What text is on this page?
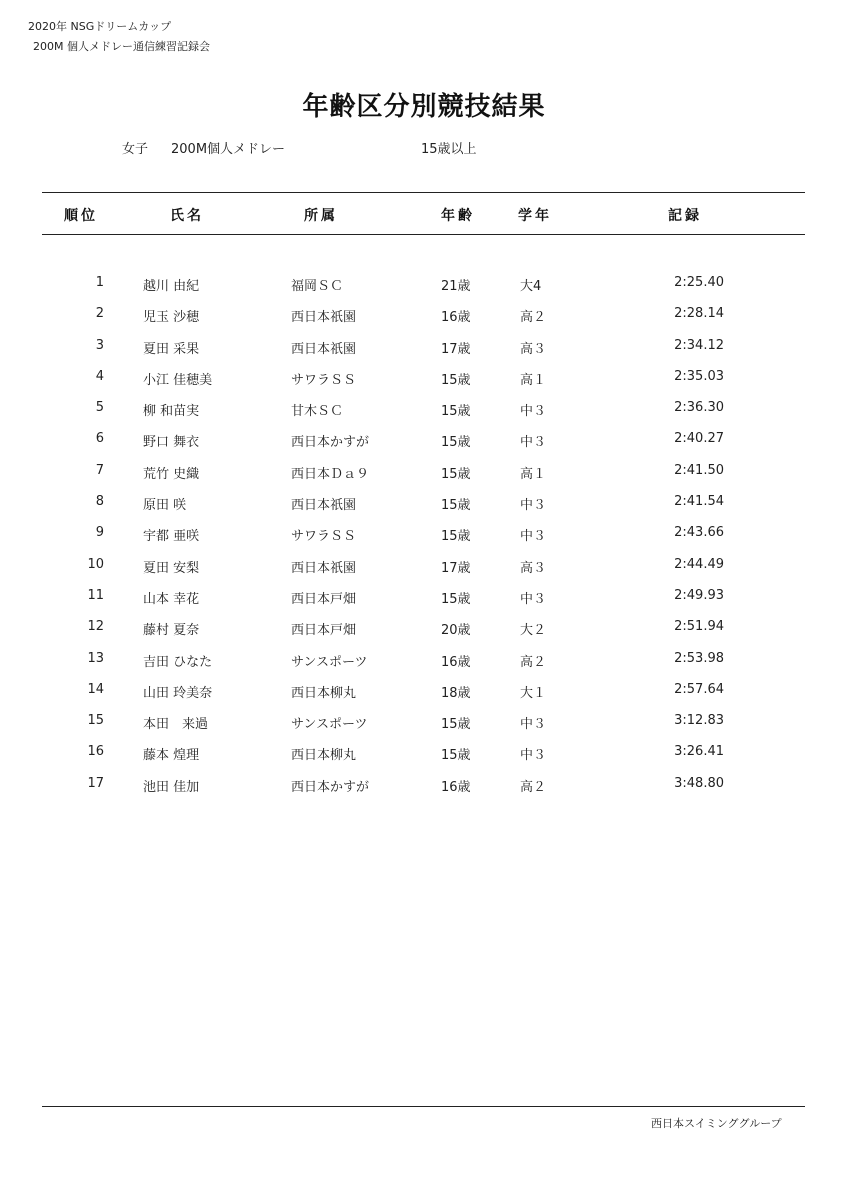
2020年 NSGドリームカップ
200M 個人メドレー通信練習記録会
年齢区分別競技結果
女子 200M個人メドレー	15歳以上
順位	氏名	所属	年齢	学年	記録
1	越川 由紀	福岡ＳＣ	21歳	大4	2:25.40
2	児玉 沙穂	西日本祇園	16歳	高２	2:28.14
3	夏田 采果	西日本祇園	17歳	高３	2:34.12
4	小江 佳穂美	サワラＳＳ	15歳	高１	2:35.03
5	柳 和苗実	甘木ＳＣ	15歳	中３	2:36.30
6	野口 舞衣	西日本かすが	15歳	中３	2:40.27
7	荒竹 史織	西日本Ｄａ９	15歳	高１	2:41.50
8	原田 咲	西日本祇園	15歳	中３	2:41.54
9	宇都 亜咲	サワラＳＳ	15歳	中３	2:43.66
10	夏田 安梨	西日本祇園	17歳	高３	2:44.49
11	山本 幸花	西日本戸畑	15歳	中３	2:49.93
12	藤村 夏奈	西日本戸畑	20歳	大２	2:51.94
13	吉田 ひなた	サンスポーツ	16歳	高２	2:53.98
14	山田 玲美奈	西日本柳丸	18歳	大１	2:57.64
15	本田　来過	サンスポーツ	15歳	中３	3:12.83
16	藤本 煌理	西日本柳丸	15歳	中３	3:26.41
17	池田 佳加	西日本かすが	16歳	高２	3:48.80
西日本スイミンググループ
